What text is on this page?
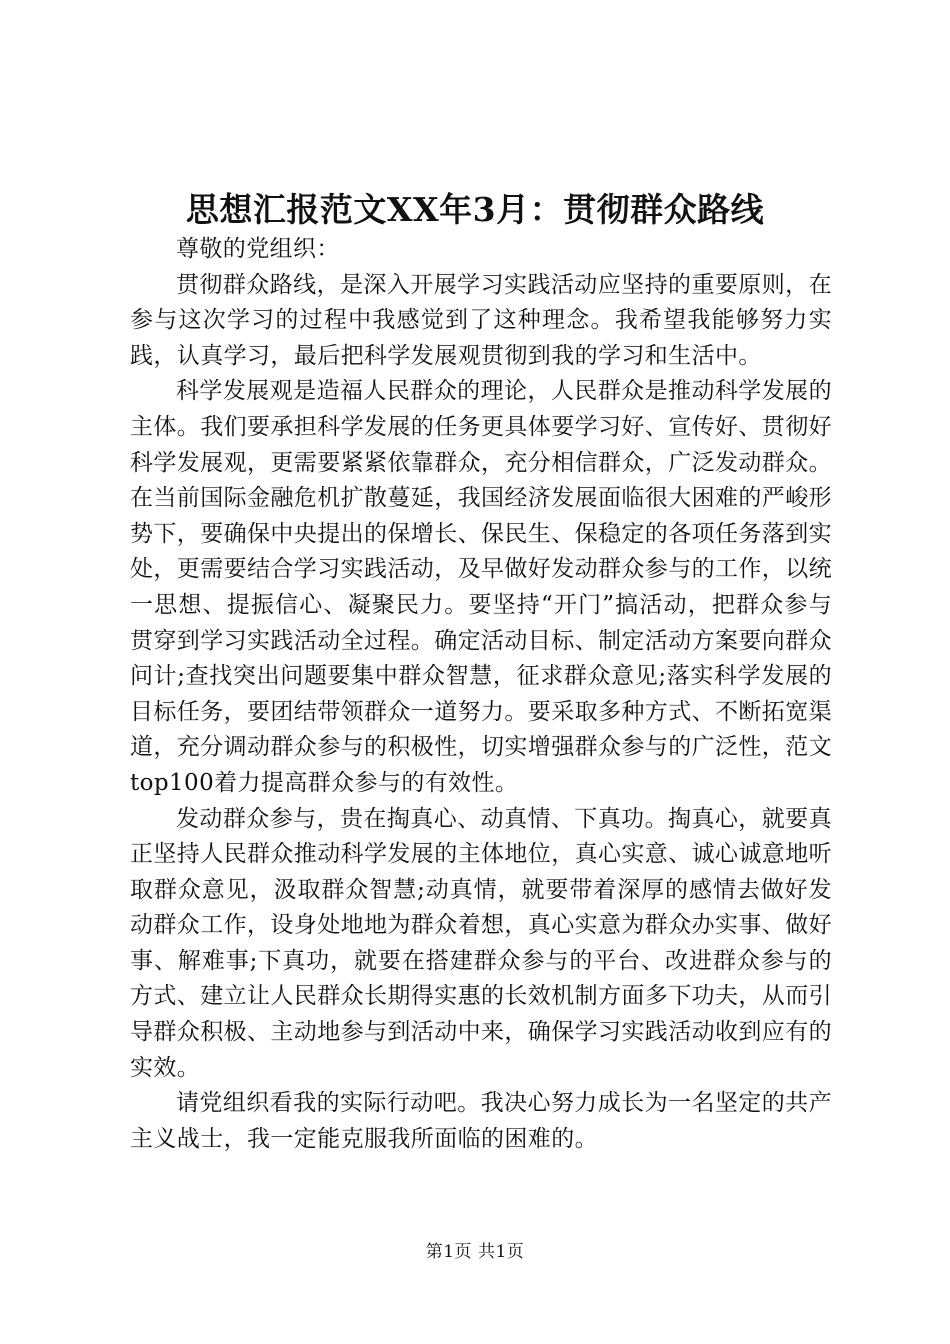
思想汇报范文XX年3月：贯彻群众路线

尊敬的党组织：

贯彻群众路线，是深入开展学习实践活动应坚持的重要原则，在参与这次学习的过程中我感觉到了这种理念。我希望我能够努力实践，认真学习，最后把科学发展观贯彻到我的学习和生活中。

科学发展观是造福人民群众的理论，人民群众是推动科学发展的主体。我们要承担科学发展的任务更具体要学习好、宣传好、贯彻好科学发展观，更需要紧紧依靠群众，充分相信群众，广泛发动群众。在当前国际金融危机扩散蔓延，我国经济发展面临很大困难的严峻形势下，要确保中央提出的保增长、保民生、保稳定的各项任务落到实处，更需要结合学习实践活动，及早做好发动群众参与的工作，以统一思想、提振信心、凝聚民力。要坚持“开门”搞活动，把群众参与贯穿到学习实践活动全过程。确定活动目标、制定活动方案要向群众问计;查找突出问题要集中群众智慧，征求群众意见;落实科学发展的目标任务，要团结带领群众一道努力。要采取多种方式、不断拓宽渠道，充分调动群众参与的积极性，切实增强群众参与的广泛性，范文top100着力提高群众参与的有效性。

发动群众参与，贵在掏真心、动真情、下真功。掏真心，就要真正坚持人民群众推动科学发展的主体地位，真心实意、诚心诚意地听取群众意见，汲取群众智慧;动真情，就要带着深厚的感情去做好发动群众工作，设身处地地为群众着想，真心实意为群众办实事、做好事、解难事;下真功，就要在搭建群众参与的平台、改进群众参与的方式、建立让人民群众长期得实惠的长效机制方面多下功夫，从而引导群众积极、主动地参与到活动中来，确保学习实践活动收到应有的实效。

请党组织看我的实际行动吧。我决心努力成长为一名坚定的共产主义战士，我一定能克服我所面临的困难的。

第1页 共1页
